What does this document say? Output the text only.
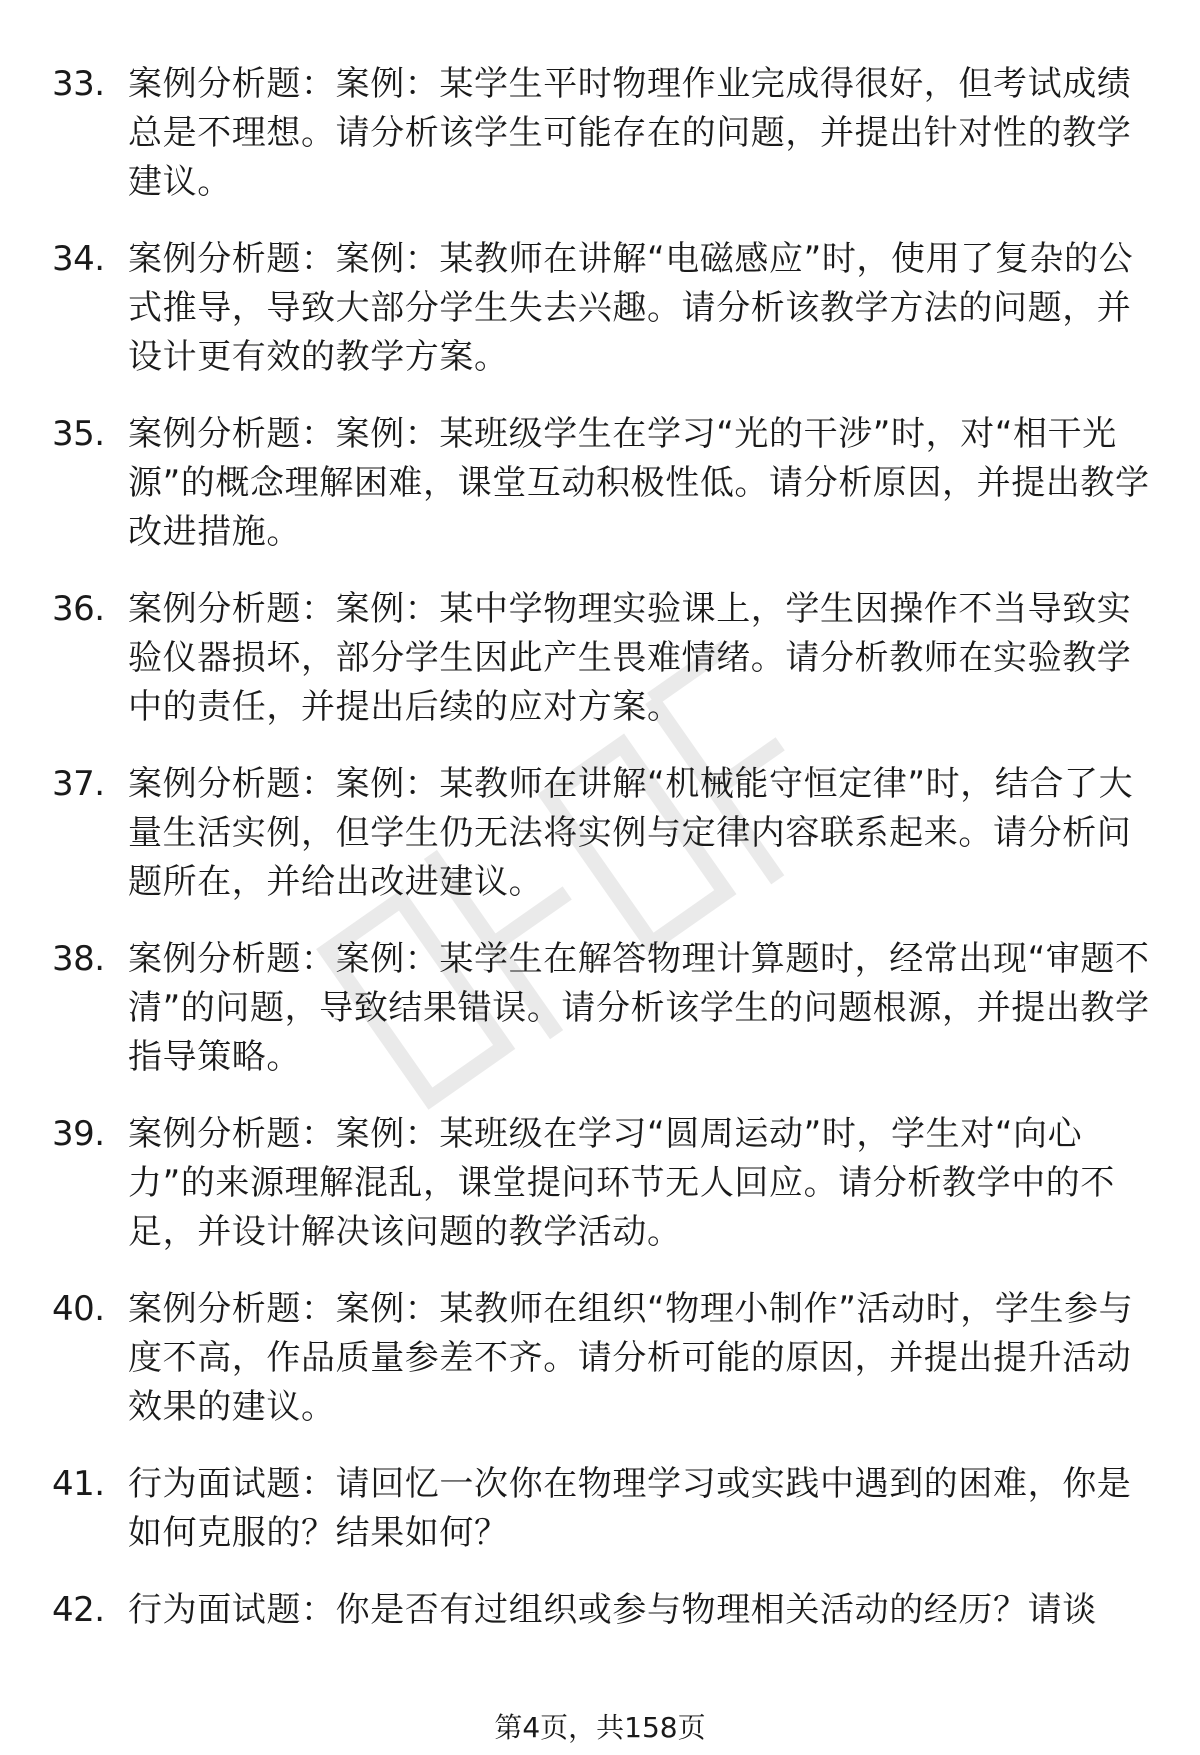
33. 案例分析题：案例：某学生平时物理作业完成得很好，但考试成绩总是不理想。请分析该学生可能存在的问题，并提出针对性的教学建议。
34. 案例分析题：案例：某教师在讲解“电磁感应”时，使用了复杂的公式推导，导致大部分学生失去兴趣。请分析该教学方法的问题，并设计更有效的教学方案。
35. 案例分析题：案例：某班级学生在学习“光的干涉”时，对“相干光源”的概念理解困难，课堂互动积极性低。请分析原因，并提出教学改进措施。
36. 案例分析题：案例：某中学物理实验课上，学生因操作不当导致实验仪器损坏，部分学生因此产生畏难情绪。请分析教师在实验教学中的责任，并提出后续的应对方案。
37. 案例分析题：案例：某教师在讲解“机械能守恒定律”时，结合了大量生活实例，但学生仍无法将实例与定律内容联系起来。请分析问题所在，并给出改进建议。
38. 案例分析题：案例：某学生在解答物理计算题时，经常出现“审题不清”的问题，导致结果错误。请分析该学生的问题根源，并提出教学指导策略。
39. 案例分析题：案例：某班级在学习“圆周运动”时，学生对“向心力”的来源理解混乱，课堂提问环节无人回应。请分析教学中的不足，并设计解决该问题的教学活动。
40. 案例分析题：案例：某教师在组织“物理小制作”活动时，学生参与度不高，作品质量参差不齐。请分析可能的原因，并提出提升活动效果的建议。
41. 行为面试题：请回忆一次你在物理学习或实践中遇到的困难，你是如何克服的？结果如何？
42. 行为面试题：你是否有过组织或参与物理相关活动的经历？请谈
第4页，共158页
